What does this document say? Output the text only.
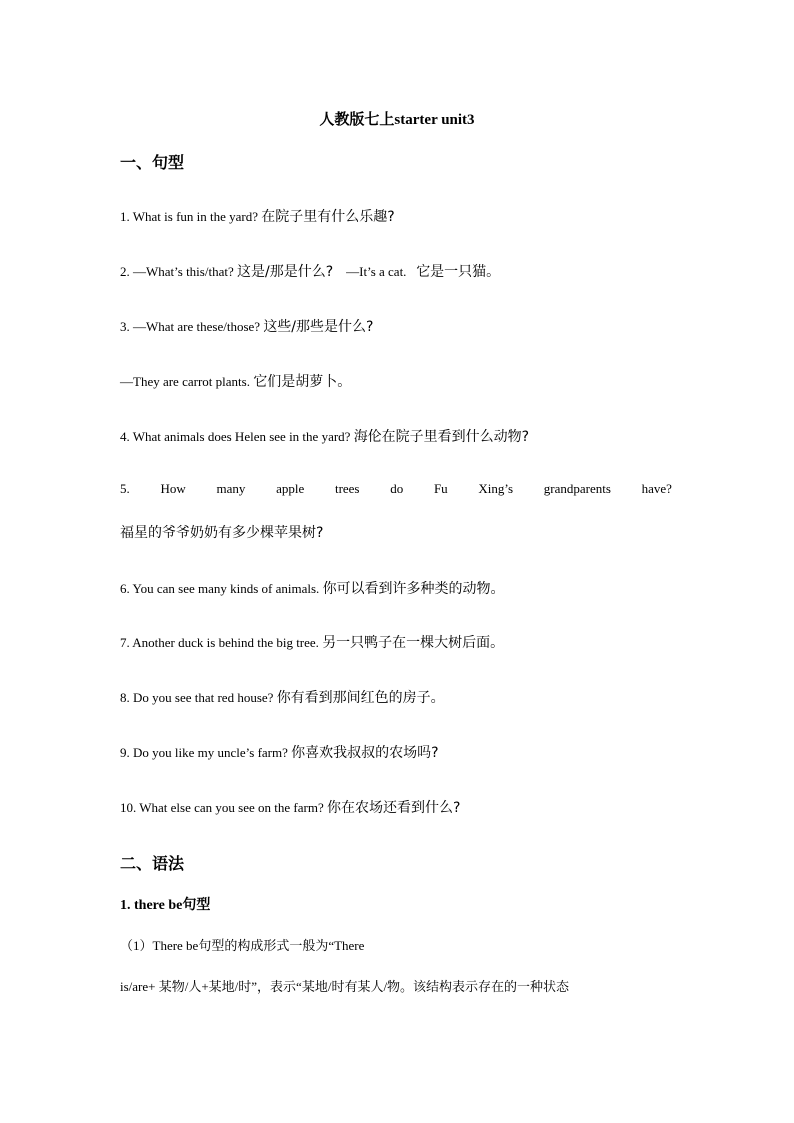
人教版七上starter unit3
一、句型
1. What is fun in the yard? 在院子里有什么乐趣?
2. —What’s this/that? 这是/那是什么? —It’s a cat. 它是一只猫。
3. —What are these/those? 这些/那些是什么?
—They are carrot plants. 它们是胡萝卜。
4. What animals does Helen see in the yard? 海伦在院子里看到什么动物?
5. How many apple trees do Fu Xing’s grandparents have?
福星的爷爷奶奶有多少棵苹果树?
6. You can see many kinds of animals. 你可以看到许多种类的动物。
7. Another duck is behind the big tree. 另一只鸭子在一棵大树后面。
8. Do you see that red house? 你有看到那间红色的房子。
9. Do you like my uncle’s farm? 你喜欢我叔叔的农场吗?
10. What else can you see on the farm? 你在农场还看到什么?
二、语法
1. there be句型
（1）There be句型的构成形式一般为“There
is/are+ 某物/人+某地/时”，表示“某地/时有某人/物。该结构表示存在的一种状态
